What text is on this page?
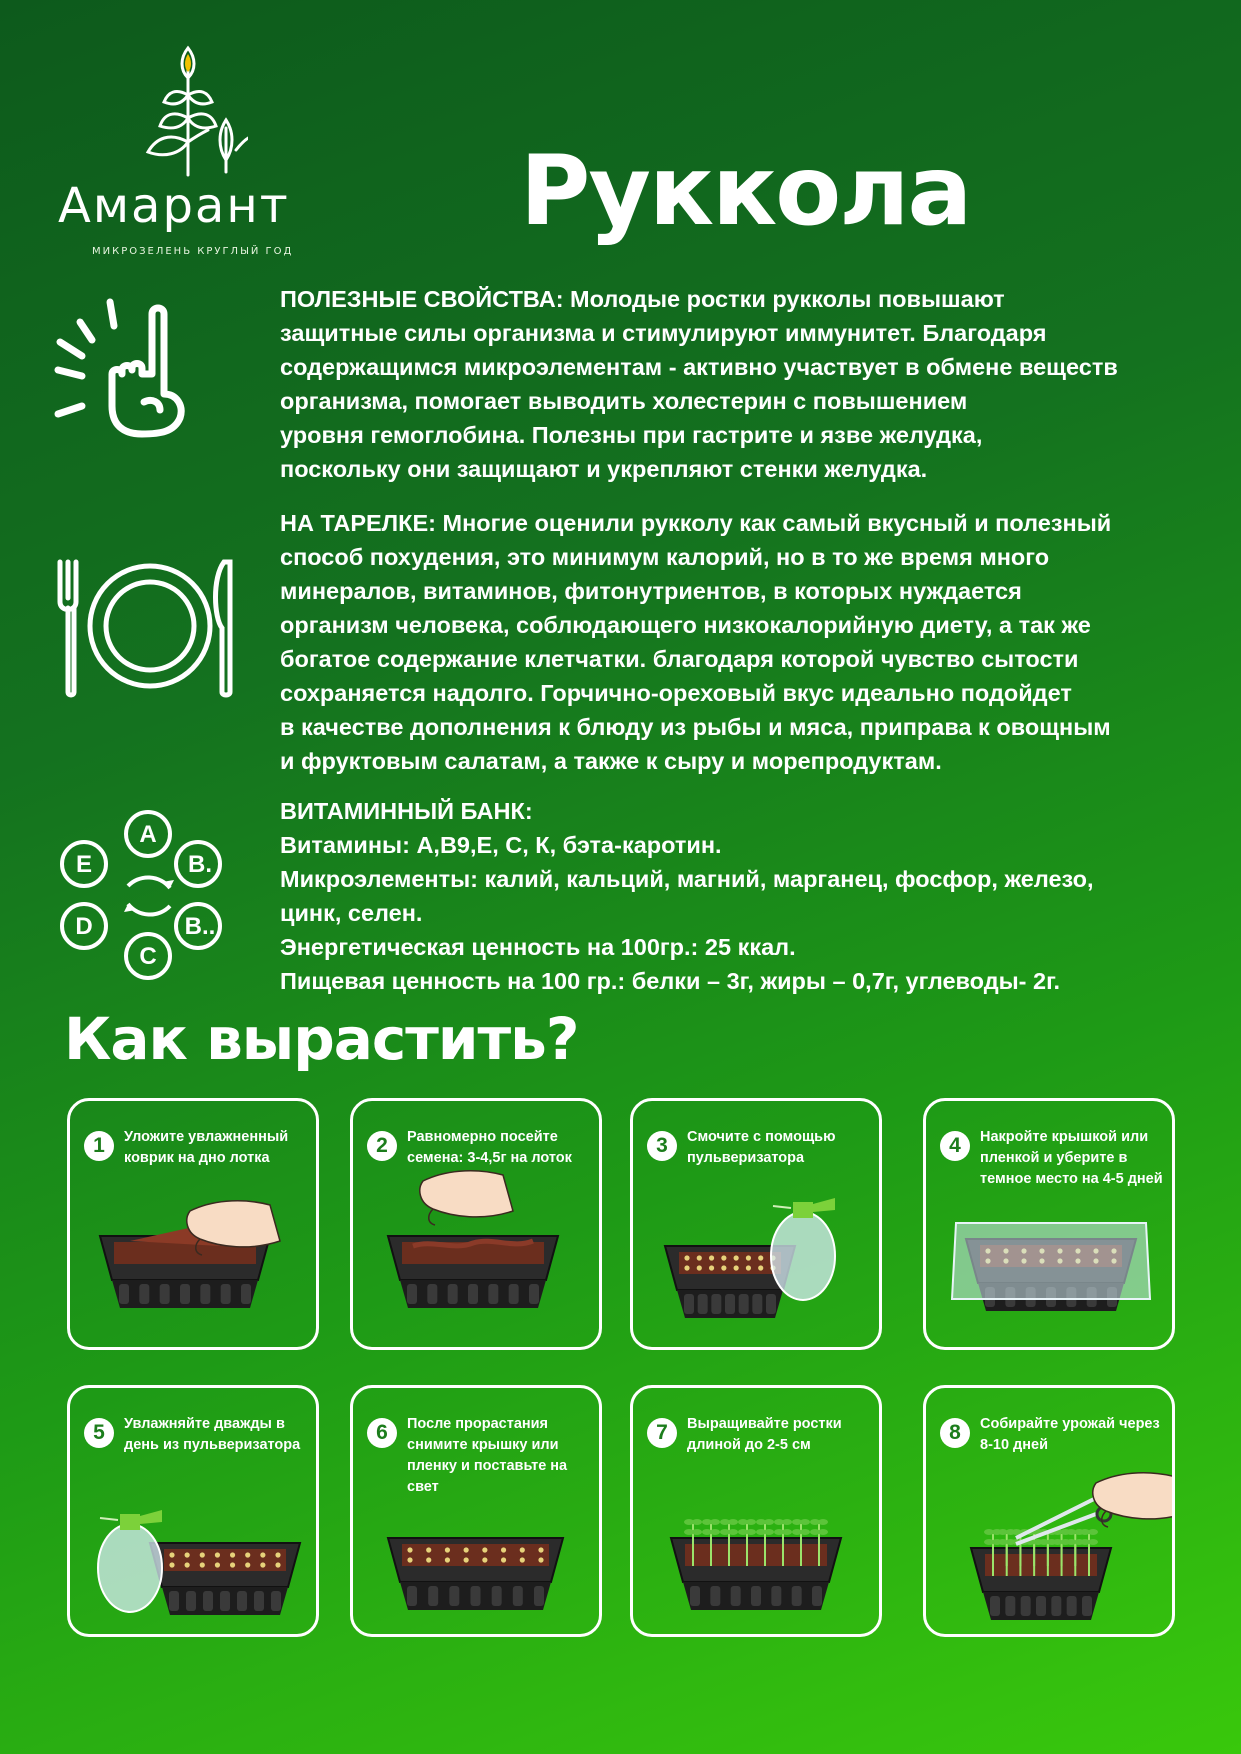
Амарант
МИКРОЗЕЛЕНЬ КРУГЛЫЙ ГОД
Руккола
ПОЛЕЗНЫЕ СВОЙСТВА: Молодые ростки рукколы повышают
защитные силы организма и стимулируют иммунитет. Благодаря
содержащимся микроэлементам - активно участвует в обмене веществ
организма, помогает выводить холестерин с повышением
уровня гемоглобина. Полезны при гастрите и язве желудка,
поскольку они защищают и укрепляют стенки желудка.
НА ТАРЕЛКЕ: Многие оценили рукколу как самый вкусный и полезный
способ похудения, это минимум калорий, но в то же время много
минералов, витаминов, фитонутриентов, в которых нуждается
организм человека, соблюдающего низкокалорийную диету, а так же
богатое содержание клетчатки. благодаря которой чувство сытости
сохраняется надолго. Горчично-ореховый вкус идеально подойдет
в качестве дополнения к блюду из рыбы и мяса, приправа к овощным
и фруктовым салатам, а также к сыру и морепродуктам.
A
B.
B..
C
D
E
ВИТАМИННЫЙ БАНК:
Витамины: А,В9,Е, С, К, бэта-каротин.
Микроэлементы: калий, кальций, магний, марганец, фосфор, железо,
цинк, селен.
Энергетическая ценность на 100гр.: 25 ккал.
Пищевая ценность на 100 гр.: белки – 3г, жиры – 0,7г, углеводы- 2г.
Как вырастить?
1	Уложите увлажненный коврик на дно лотка
2	Равномерно посейте семена: 3-4,5г на лоток
3	Смочите с помощью пульверизатора
4	Накройте крышкой или пленкой и уберите в темное место на 4-5 дней
5	Увлажняйте дважды в день из пульверизатора
6	После прорастания снимите крышку или пленку и поставьте на свет
7	Выращивайте ростки длиной до 2-5 см
8	Собирайте урожай через 8-10 дней
